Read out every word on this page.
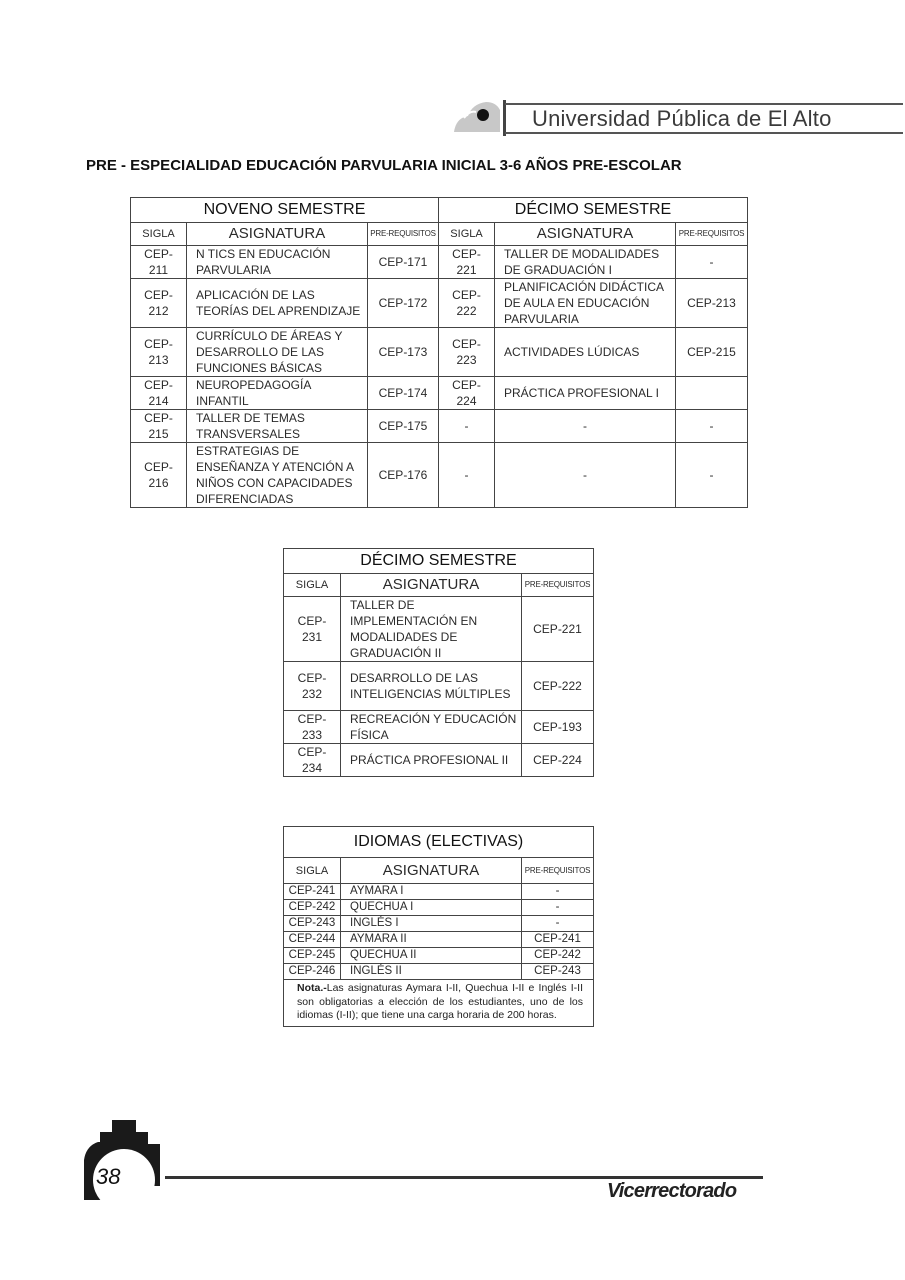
Universidad Pública de El Alto
PRE - ESPECIALIDAD EDUCACIÓN PARVULARIA INICIAL 3-6 AÑOS PRE-ESCOLAR
NOVENO SEMESTRE			DÉCIMO SEMESTRE		
SIGLA	ASIGNATURA	PRE-REQUISITOS	SIGLA	ASIGNATURA	PRE-REQUISITOS
CEP-211	N TICS EN EDUCACIÓN PARVULARIA	CEP-171	CEP-221	TALLER DE MODALIDADES DE GRADUACIÓN I	-
CEP-212	APLICACIÓN DE LAS TEORÍAS DEL APRENDIZAJE	CEP-172	CEP-222	PLANIFICACIÓN DIDÁCTICA DE AULA EN EDUCACIÓN PARVULARIA	CEP-213
CEP-213	CURRÍCULO DE ÁREAS Y DESARROLLO DE LAS FUNCIONES BÁSICAS	CEP-173	CEP-223	ACTIVIDADES LÚDICAS	CEP-215
CEP-214	NEUROPEDAGOGÍA INFANTIL	CEP-174	CEP-224	PRÁCTICA PROFESIONAL I	
CEP-215	TALLER DE TEMAS TRANSVERSALES	CEP-175	-	-	-
CEP-216	ESTRATEGIAS DE ENSEÑANZA Y ATENCIÓN A NIÑOS CON CAPACIDADES DIFERENCIADAS	CEP-176	-	-	-
DÉCIMO SEMESTRE		
SIGLA	ASIGNATURA	PRE-REQUISITOS
CEP-231	TALLER DE IMPLEMENTACIÓN EN MODALIDADES DE GRADUACIÓN II	CEP-221
CEP-232	DESARROLLO DE LAS INTELIGENCIAS MÚLTIPLES	CEP-222
CEP-233	RECREACIÓN Y EDUCACIÓN FÍSICA	CEP-193
CEP-234	PRÁCTICA PROFESIONAL II	CEP-224
IDIOMAS (ELECTIVAS)		
SIGLA	ASIGNATURA	PRE-REQUISITOS
CEP-241	AYMARA I	-
CEP-242	QUECHUA I	-
CEP-243	INGLÉS I	-
CEP-244	AYMARA II	CEP-241
CEP-245	QUECHUA II	CEP-242
CEP-246	INGLÉS II	CEP-243
Nota.-Las asignaturas Aymara I-II, Quechua I-II e Inglés I-II son obligatorias a elección de los estudiantes, uno de los idiomas (I-II); que tiene una carga horaria de 200 horas.		
38
Vicerrectorado
